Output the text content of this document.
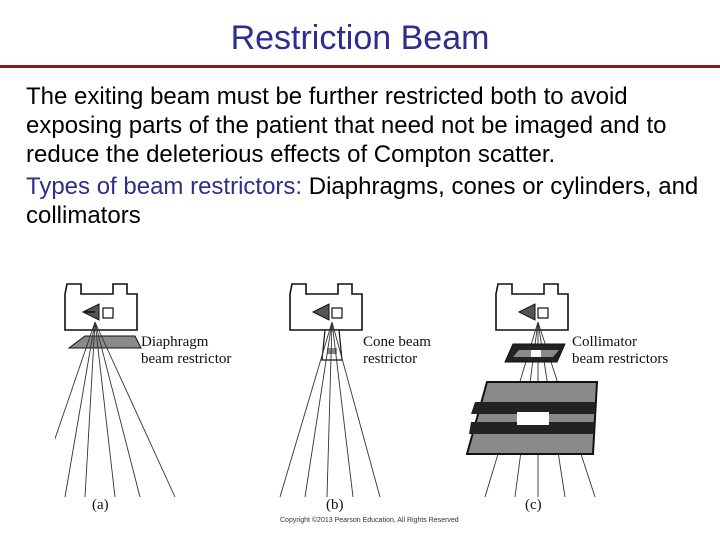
Restriction Beam

The exiting beam must be further restricted both to avoid exposing parts of the patient that need not be imaged and to reduce the deleterious effects of Compton scatter.

Types of beam restrictors: Diaphragms, cones or cylinders, and collimators

Diaphragm
beam restrictor
Cone beam
restrictor
Collimator
beam restrictors
(a)	(b)	(c)
Copyright ©2013 Pearson Education, All Rights Reserved
